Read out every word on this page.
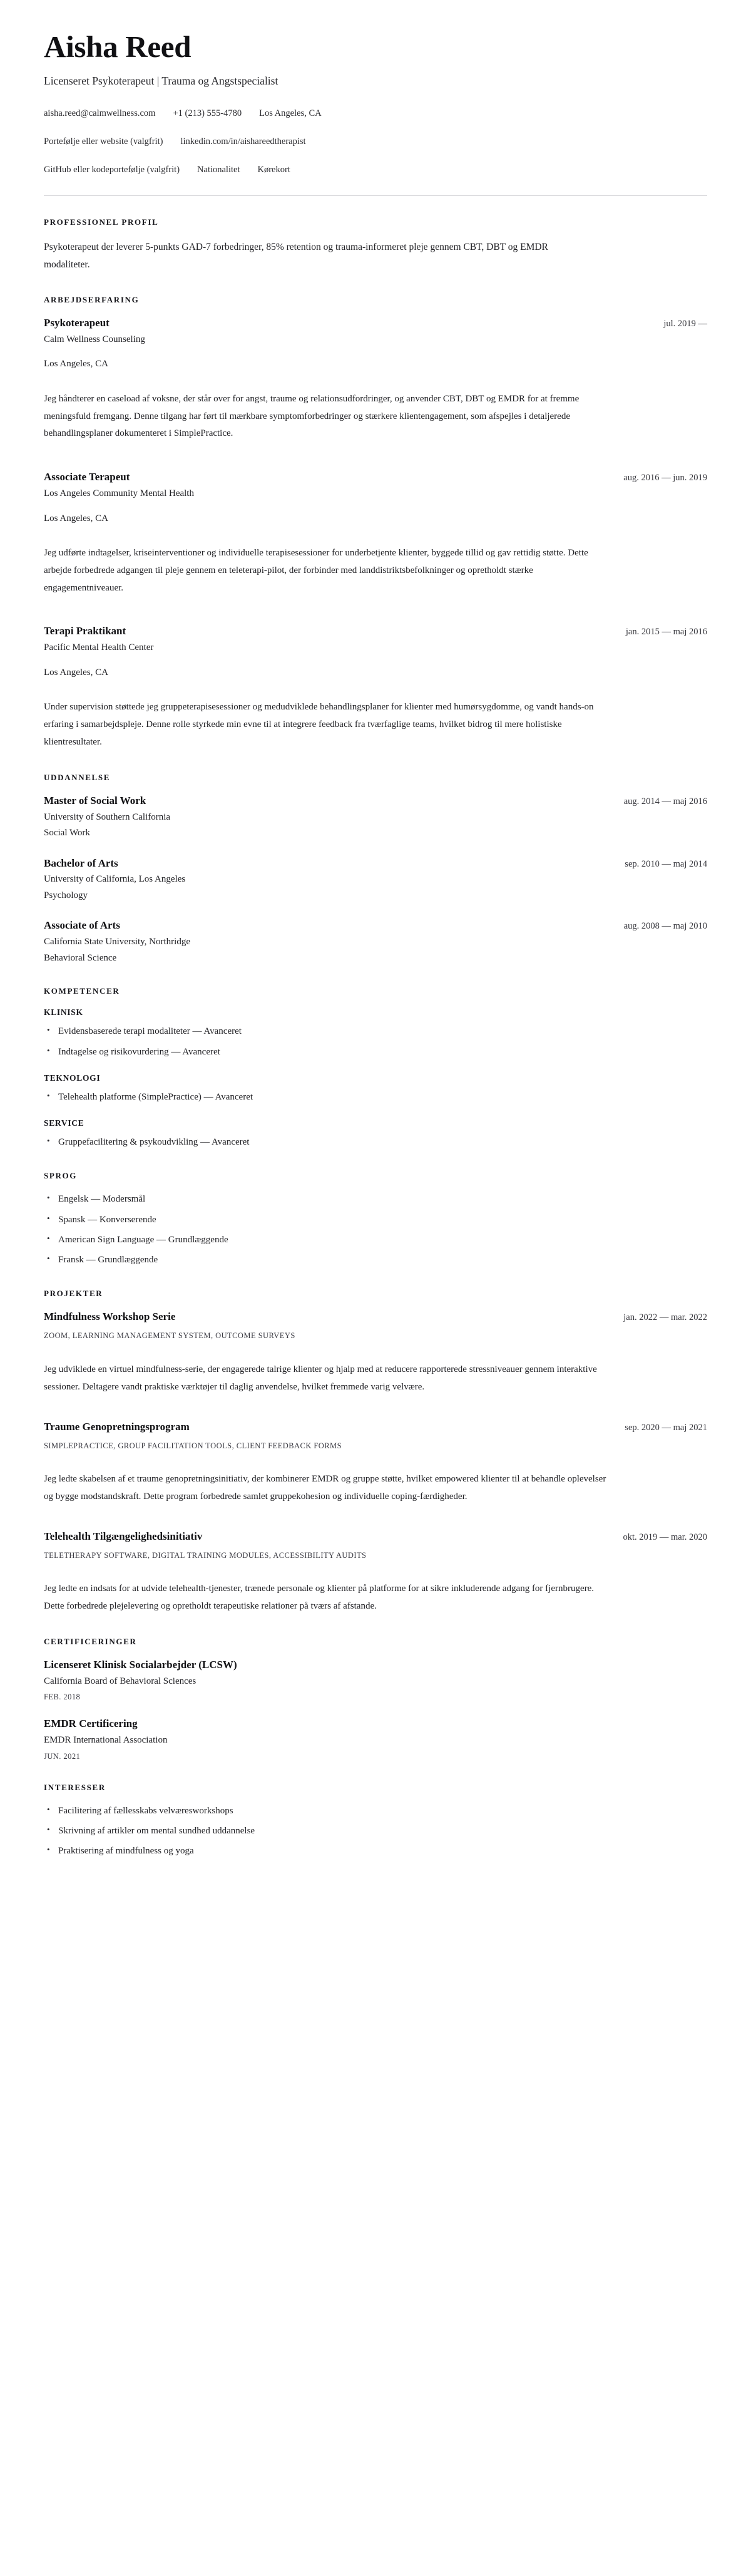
Aisha Reed

Licenseret Psykoterapeut | Trauma og Angstspecialist

aisha.reed@calmwellness.com +1 (213) 555-4780 Los Angeles, CA
Portefølje eller website (valgfrit) linkedin.com/in/aishareedtherapist
GitHub eller kodeportefølje (valgfrit) Nationalitet Kørekort
PROFESSIONEL PROFIL

Psykoterapeut der leverer 5-punkts GAD-7 forbedringer, 85% retention og trauma-informeret pleje gennem CBT, DBT og EMDR modaliteter.

ARBEJDSERFARING
Psykoterapeut	jul. 2019 —

Calm Wellness Counseling

Los Angeles, CA

Jeg håndterer en caseload af voksne, der står over for angst, traume og relationsudfordringer, og anvender CBT, DBT og EMDR for at fremme meningsfuld fremgang. Denne tilgang har ført til mærkbare symptomforbedringer og stærkere klientengagement, som afspejles i detaljerede behandlingsplaner dokumenteret i SimplePractice.

Associate Terapeut	aug. 2016 — jun. 2019

Los Angeles Community Mental Health

Los Angeles, CA

Jeg udførte indtagelser, kriseinterventioner og individuelle terapisesessioner for underbetjente klienter, byggede tillid og gav rettidig støtte. Dette arbejde forbedrede adgangen til pleje gennem en teleterapi-pilot, der forbinder med landdistriktsbefolkninger og opretholdt stærke engagementniveauer.

Terapi Praktikant	jan. 2015 — maj 2016

Pacific Mental Health Center

Los Angeles, CA

Under supervision støttede jeg gruppeterapisesessioner og medudviklede behandlingsplaner for klienter med humørsygdomme, og vandt hands-on erfaring i samarbejdspleje. Denne rolle styrkede min evne til at integrere feedback fra tværfaglige teams, hvilket bidrog til mere holistiske klientresultater.

UDDANNELSE
Master of Social Work	aug. 2014 — maj 2016

University of Southern California

Social Work

Bachelor of Arts	sep. 2010 — maj 2014

University of California, Los Angeles

Psychology

Associate of Arts	aug. 2008 — maj 2010

California State University, Northridge

Behavioral Science

KOMPETENCER
KLINISK
• Evidensbaserede terapi modaliteter — Avanceret
• Indtagelse og risikovurdering — Avanceret
TEKNOLOGI
• Telehealth platforme (SimplePractice) — Avanceret
SERVICE
• Gruppefacilitering & psykoudvikling — Avanceret
SPROG
• Engelsk — Modersmål
• Spansk — Konverserende
• American Sign Language — Grundlæggende
• Fransk — Grundlæggende
PROJEKTER
Mindfulness Workshop Serie	jan. 2022 — mar. 2022

ZOOM, LEARNING MANAGEMENT SYSTEM, OUTCOME SURVEYS

Jeg udviklede en virtuel mindfulness-serie, der engagerede talrige klienter og hjalp med at reducere rapporterede stressniveauer gennem interaktive sessioner. Deltagere vandt praktiske værktøjer til daglig anvendelse, hvilket fremmede varig velvære.

Traume Genopretningsprogram	sep. 2020 — maj 2021

SIMPLEPRACTICE, GROUP FACILITATION TOOLS, CLIENT FEEDBACK FORMS

Jeg ledte skabelsen af et traume genopretningsinitiativ, der kombinerer EMDR og gruppe støtte, hvilket empowered klienter til at behandle oplevelser og bygge modstandskraft. Dette program forbedrede samlet gruppekohesion og individuelle coping-færdigheder.

Telehealth Tilgængelighedsinitiativ	okt. 2019 — mar. 2020

TELETHERAPY SOFTWARE, DIGITAL TRAINING MODULES, ACCESSIBILITY AUDITS

Jeg ledte en indsats for at udvide telehealth-tjenester, trænede personale og klienter på platforme for at sikre inkluderende adgang for fjernbrugere. Dette forbedrede plejelevering og opretholdt terapeutiske relationer på tværs af afstande.

CERTIFICERINGER
Licenseret Klinisk Socialarbejder (LCSW)

California Board of Behavioral Sciences

FEB. 2018

EMDR Certificering

EMDR International Association

JUN. 2021

INTERESSER
• Facilitering af fællesskabs velværesworkshops
• Skrivning af artikler om mental sundhed uddannelse
• Praktisering af mindfulness og yoga
